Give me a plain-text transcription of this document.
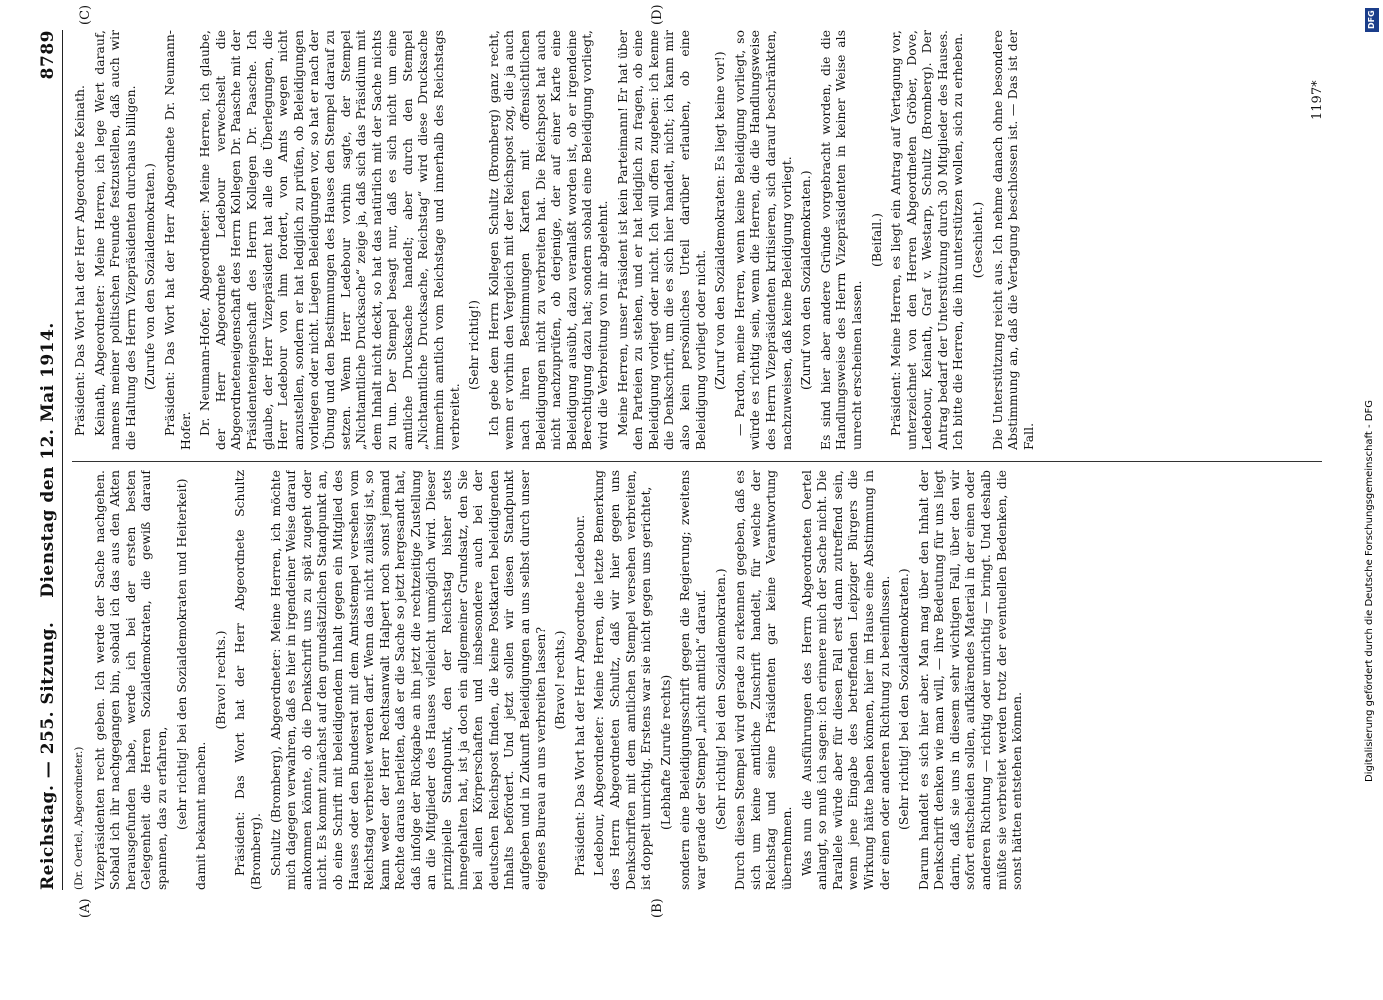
Reichstag. — 255. Sitzung.
Dienstag den 12. Mai 1914.
8789
(A)	(B)
(C)	(D)

(Dr. Oertel, Abgeordneter.) Vizepräsidenten recht geben. Ich werde der Sache nachgehen. Sobald ich ihr nachgegangen bin, sobald ich das aus den Akten herausgefunden habe, werde ich bei der ersten besten Gelegenheit die Herren Sozialdemokraten, die gewiß darauf spannen, das zu erfahren, (sehr richtig! bei den Sozialdemokraten und Heiterkeit) damit bekannt machen.

(Bravo! rechts.) Präsident: Das Wort hat der Herr Abgeordnete Schultz (Bromberg). Schultz (Bromberg), Abgeordneter: Meine Herren, ich möchte mich dagegen verwahren, daß es hier in irgendeiner Weise darauf ankommen könnte, ob die Denkschrift uns zu spät zugeht oder nicht. Es kommt zunächst auf den grundsätzlichen Standpunkt an, ob eine Schrift mit beleidigendem Inhalt gegen ein Mitglied des Hauses oder den Bundesrat mit dem Amtsstempel versehen vom Reichstag verbreitet werden darf. Wenn das nicht zulässig ist, so kann weder der Herr Rechtsanwalt Halpert noch sonst jemand Rechte daraus herleiten, daß er die Sache so jetzt hergesandt hat, daß infolge der Rückgabe an ihn jetzt die rechtzeitige Zustellung an die Mitglieder des Hauses vielleicht unmöglich wird. Dieser prinzipielle Standpunkt, den der Reichstag bisher stets innegehalten hat, ist ja doch ein allgemeiner Grundsatz, den Sie bei allen Körperschaften und insbesondere auch bei der deutschen Reichspost finden, die keine Postkarten beleidigenden Inhalts befördert. Und jetzt sollen wir diesen Standpunkt aufgeben und in Zukunft Beleidigungen an uns selbst durch unser eigenes Bureau an uns verbreiten lassen? (Bravo! rechts.) Präsident: Das Wort hat der Herr Abgeordnete Ledebour. Ledebour, Abgeordneter: Meine Herren, die letzte Bemerkung des Herrn Abgeordneten Schultz, daß wir hier gegen uns Denkschriften mit dem amtlichen Stempel versehen verbreiten, ist doppelt unrichtig. Erstens war sie nicht gegen uns gerichtet, (Lebhafte Zurufe rechts) sondern eine Beleidigungsschrift gegen die Regierung; zweitens war gerade der Stempel „nicht amtlich“ darauf. (Sehr richtig! bei den Sozialdemokraten.) Durch diesen Stempel wird gerade zu erkennen gegeben, daß es sich um keine amtliche Zuschrift handelt, für welche der Reichstag und seine Präsidenten gar keine Verantwortung übernehmen. Was nun die Ausführungen des Herrn Abgeordneten Oertel anlangt, so muß ich sagen: ich erinnere mich der Sache nicht. Die Parallele würde aber für diesen Fall erst dann zutreffend sein, wenn jene Eingabe des betreffenden Leipziger Bürgers die Wirkung hätte haben können, hier im Hause eine Abstimmung in der einen oder anderen Richtung zu beeinflussen. (Sehr richtig! bei den Sozialdemokraten.) Darum handelt es sich hier aber. Man mag über den Inhalt der Denkschrift denken wie man will, — ihre Bedeutung für uns liegt darin, daß sie uns in diesem sehr wichtigen Fall, über den wir sofort entscheiden sollen, aufklärendes Material in der einen oder anderen Richtung — richtig oder unrichtig — bringt. Und deshalb müßte sie verbreitet werden trotz der eventuellen Bedenken, die sonst hätten entstehen können.

Präsident: Das Wort hat der Herr Abgeordnete Keinath. Keinath, Abgeordneter: Meine Herren, ich lege Wert darauf, namens meiner politischen Freunde festzustellen, daß auch wir die Haltung des Herrn Vizepräsidenten durchaus billigen. (Zurufe von den Sozialdemokraten.) Präsident: Das Wort hat der Herr Abgeordnete Dr. Neumann-Hofer. Dr. Neumann-Hofer, Abgeordneter: Meine Herren, ich glaube, der Herr Abgeordnete Ledebour verwechselt die Abgeordneteneigenschaft des Herrn Kollegen Dr. Paasche mit der Präsidenteneigenschaft des Herrn Kollegen Dr. Paasche. Ich glaube, der Herr Vizepräsident hat alle die Überlegungen, die Herr Ledebour von ihm fordert, von Amts wegen nicht anzustellen, sondern er hat lediglich zu prüfen, ob Beleidigungen vorliegen oder nicht. Liegen Beleidigungen vor, so hat er nach der Übung und den Bestimmungen des Hauses den Stempel darauf zu setzen. Wenn Herr Ledebour vorhin sagte, der Stempel „Nichtamtliche Drucksache“ zeige ja, daß sich das Präsidium mit dem Inhalt nicht deckt, so hat das natürlich mit der Sache nichts zu tun. Der Stempel besagt nur, daß es sich nicht um eine amtliche Drucksache handelt; aber durch den Stempel „Nichtamtliche Drucksache, Reichstag“ wird diese Drucksache immerhin amtlich vom Reichstage und innerhalb des Reichstags verbreitet.

(Sehr richtig!) Ich gebe dem Herrn Kollegen Schultz (Bromberg) ganz recht, wenn er vorhin den Vergleich mit der Reichspost zog, die ja auch nach ihren Bestimmungen Karten mit offensichtlichen Beleidigungen nicht zu verbreiten hat. Die Reichspost hat auch nicht nachzuprüfen, ob derjenige, der auf einer Karte eine Beleidigung ausübt, dazu veranlaßt worden ist, ob er irgendeine Berechtigung dazu hat; sondern sobald eine Beleidigung vorliegt, wird die Verbreitung von ihr abgelehnt. Meine Herren, unser Präsident ist kein Parteimann! Er hat über den Parteien zu stehen, und er hat lediglich zu fragen, ob eine Beleidigung vorliegt oder nicht. Ich will offen zugeben: ich kenne die Denkschrift, um die es sich hier handelt, nicht; ich kann mir also kein persönliches Urteil darüber erlauben, ob eine Beleidigung vorliegt oder nicht. (Zuruf von den Sozialdemokraten: Es liegt keine vor!) — Pardon, meine Herren, wenn keine Beleidigung vorliegt, so würde es richtig sein, wenn die Herren, die die Handlungsweise des Herrn Vizepräsidenten kritisieren, sich darauf beschränkten, nachzuweisen, daß keine Beleidigung vorliegt. (Zuruf von den Sozialdemokraten.) Es sind hier aber andere Gründe vorgebracht worden, die die Handlungsweise des Herrn Vizepräsidenten in keiner Weise als unrecht erscheinen lassen.

(Beifall.) Präsident: Meine Herren, es liegt ein Antrag auf Vertagung vor, unterzeichnet von den Herren Abgeordneten Gröber, Dove, Ledebour, Keinath, Graf v. Westarp, Schultz (Bromberg). Der Antrag bedarf der Unterstützung durch 30 Mitglieder des Hauses. Ich bitte die Herren, die ihn unterstützen wollen, sich zu erheben. (Geschieht.) Die Unterstützung reicht aus. Ich nehme danach ohne besondere Abstimmung an, daß die Vertagung beschlossen ist. — Das ist der Fall.

1197*
DFG
Digitalisierung gefördert durch die Deutsche Forschungsgemeinschaft - DFG
